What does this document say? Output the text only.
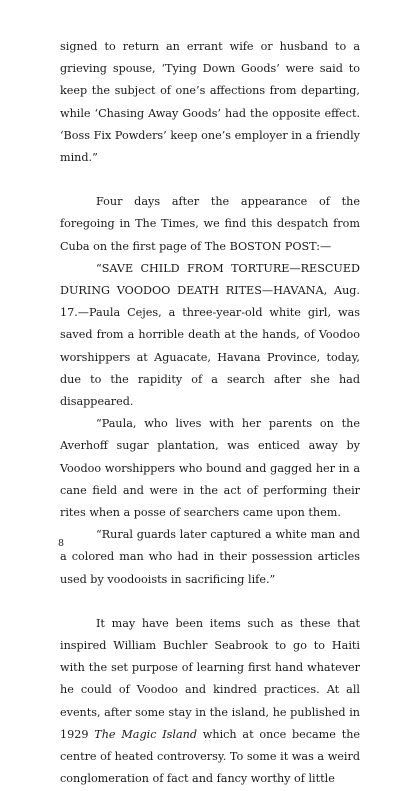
signed to return an errant wife or husband to a grieving spouse, ‘Tying Down Goods’ were said to keep the subject of one’s affections from departing, while ‘Chasing Away Goods’ had the opposite effect. ‘Boss Fix Powders’ keep one’s employer in a friendly mind.”

Four days after the appearance of the foregoing in The Times, we find this despatch from Cuba on the first page of The BOSTON POST:—

“SAVE CHILD FROM TORTURE—RESCUED DURING VOODOO DEATH RITES—HAVANA, Aug. 17.—Paula Cejes, a three-year-old white girl, was saved from a horrible death at the hands, of Voodoo worshippers at Aguacate, Havana Province, today, due to the rapidity of a search after she had disappeared.

“Paula, who lives with her parents on the Averhoff sugar plantation, was enticed away by Voodoo worshippers who bound and gagged her in a cane field and were in the act of performing their rites when a posse of searchers came upon them.

“Rural guards later captured a white man and a colored man who had in their possession articles used by voodooists in sacrificing life.”

It may have been items such as these that inspired William Buchler Seabrook to go to Haiti with the set purpose of learning first hand whatever he could of Voodoo and kindred practices. At all events, after some stay in the island, he published in 1929 The Magic Island which at once became the centre of heated controversy. To some it was a weird conglomeration of fact and fancy worthy of little

8
